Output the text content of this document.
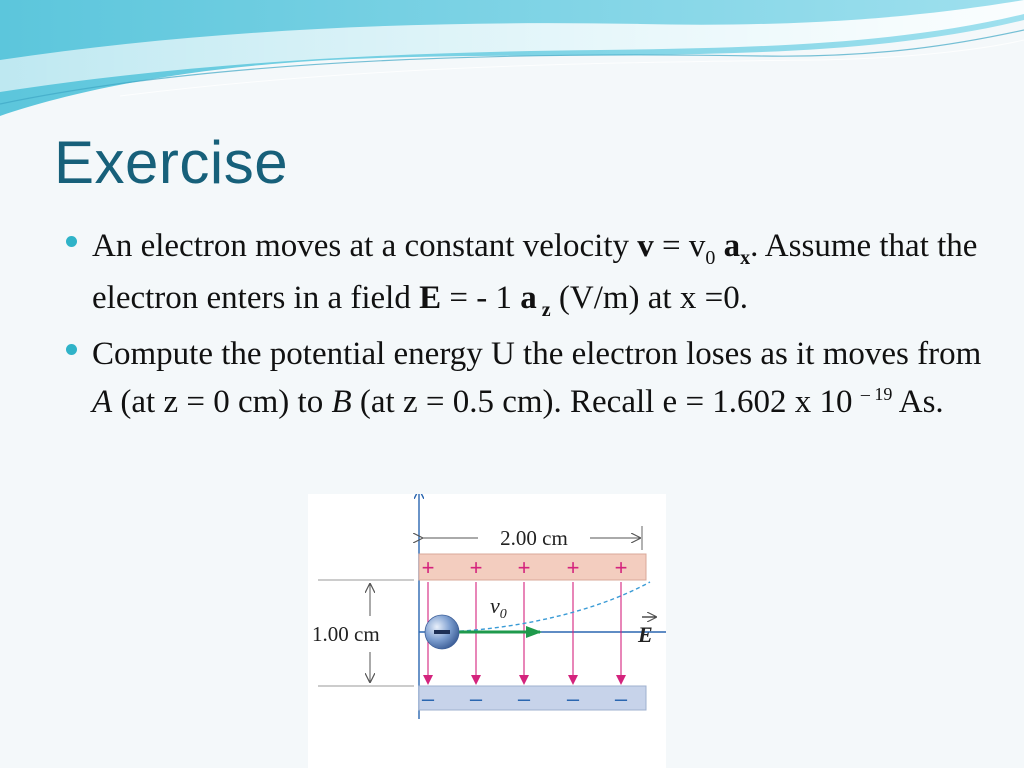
Exercise
An electron moves at a constant velocity $v = v_0$ $a_x$. Assume that the electron enters in a field E = - 1 a $_z$ (V/m) at x =0.
Compute the potential energy U the electron loses as it moves from A (at z = 0 cm) to B (at z = 0.5 cm). Recall e = 1.602 x 10 $^{- 19}$ As.
2.00 cm
+ + + + +
– – – – –
1.00 cm
$v_0$
E
